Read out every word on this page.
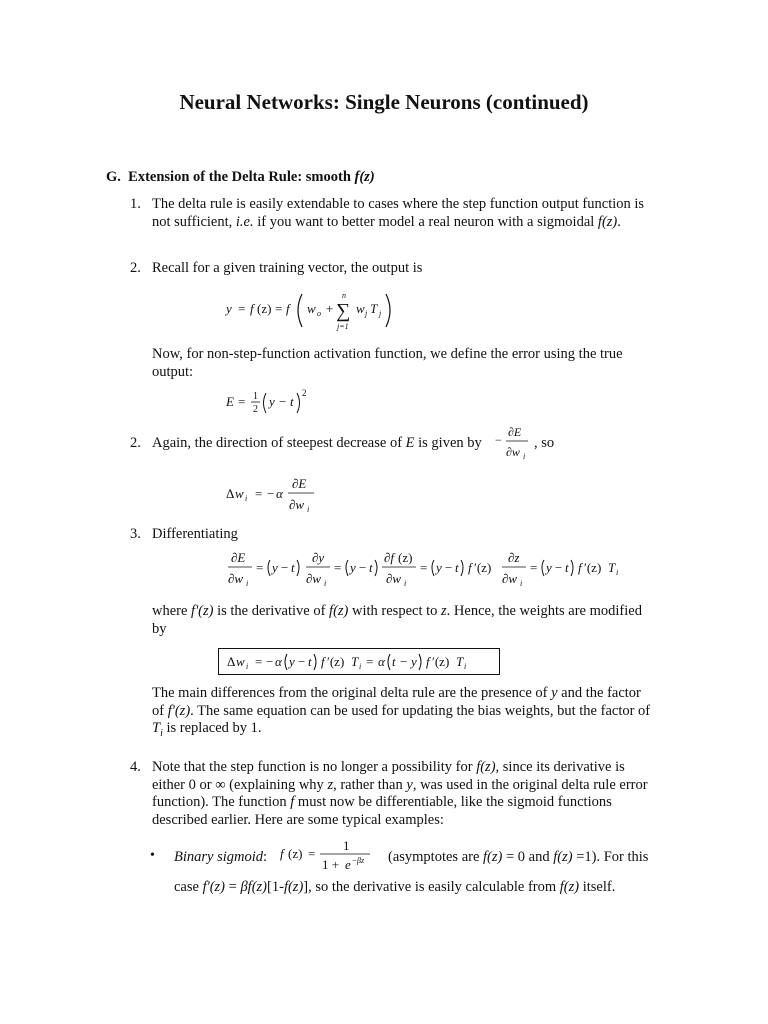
Neural Networks: Single Neurons (continued)
G. Extension of the Delta Rule: smooth f(z)
1. The delta rule is easily extendable to cases where the step function output function is
not sufficient, i.e. if you want to better model a real neuron with a sigmoidal f(z).
2. Recall for a given training vector, the output is
y = f (z) = f w o +
n
∑
j=1
w j T j
Now, for non-step-function activation function, we define the error using the true
output:
E = 1
2
y − t
2
2. Again, the direction of steepest decrease of E is given by −
∂E
∂w i
, so
Δ w i = − α
∂E
∂w i
3. Differentiating
∂E
∂w i
= y − t
∂y
∂w i
= y − t
∂f (z)
∂w i
= y − t f ′(z)
∂z
∂w i
= y − t f ′(z) T i
where f'(z) is the derivative of f(z) with respect to z. Hence, the weights are modified
by
Δ w i = − α y − t f ′(z) T i = α t − y f ′(z) T i
The main differences from the original delta rule are the presence of y and the factor
of f'(z). The same equation can be used for updating the bias weights, but the factor of
$T_i$ is replaced by 1.
4. Note that the step function is no longer a possibility for f(z), since its derivative is
either 0 or ∞ (explaining why z, rather than y, was used in the original delta rule error
function). The function f must now be differentiable, like the sigmoid functions
described earlier. Here are some typical examples:
• Binary sigmoid: f (z) =
1
1 + e − βz (asymptotes are f(z) = 0 and f(z) =1). For this
case f'(z) = βf(z)[1-f(z)], so the derivative is easily calculable from f(z) itself.
